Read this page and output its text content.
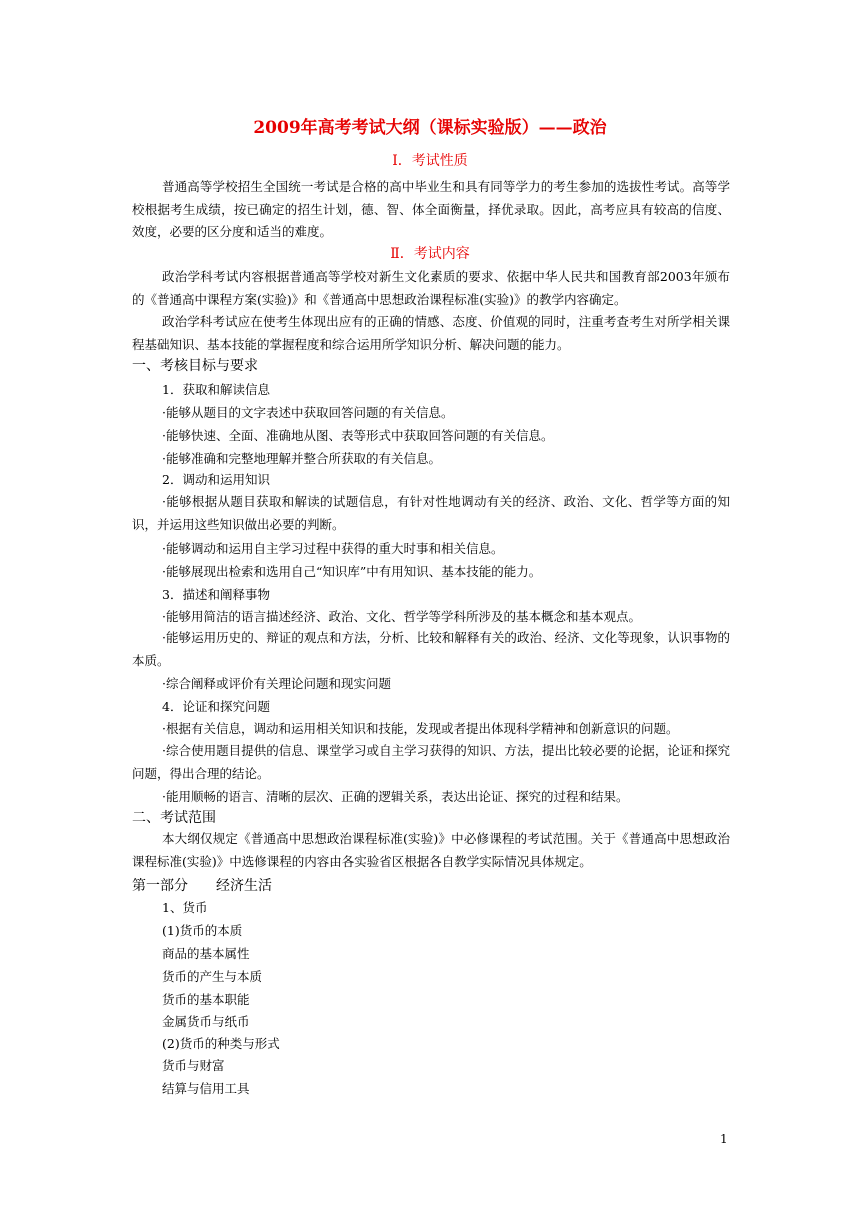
2009年高考考试大纲（课标实验版）——政治
Ⅰ．考试性质

普通高等学校招生全国统一考试是合格的高中毕业生和具有同等学力的考生参加的选拔性考试。高等学校根据考生成绩，按已确定的招生计划，德、智、体全面衡量，择优录取。因此，高考应具有较高的信度、效度，必要的区分度和适当的难度。

Ⅱ．考试内容

政治学科考试内容根据普通高等学校对新生文化素质的要求、依据中华人民共和国教育部2003年颁布的《普通高中课程方案(实验)》和《普通高中思想政治课程标准(实验)》的教学内容确定。

政治学科考试应在使考生体现出应有的正确的情感、态度、价值观的同时，注重考查考生对所学相关课程基础知识、基本技能的掌握程度和综合运用所学知识分析、解决问题的能力。

一、考核目标与要求
1．获取和解读信息
·能够从题目的文字表述中获取回答问题的有关信息。
·能够快速、全面、准确地从图、表等形式中获取回答问题的有关信息。
·能够准确和完整地理解并整合所获取的有关信息。
2．调动和运用知识

·能够根据从题目获取和解读的试题信息，有针对性地调动有关的经济、政治、文化、哲学等方面的知识，并运用这些知识做出必要的判断。

·能够调动和运用自主学习过程中获得的重大时事和相关信息。
·能够展现出检索和选用自己“知识库”中有用知识、基本技能的能力。
3．描述和阐释事物
·能够用简洁的语言描述经济、政治、文化、哲学等学科所涉及的基本概念和基本观点。

·能够运用历史的、辩证的观点和方法，分析、比较和解释有关的政治、经济、文化等现象，认识事物的本质。

·综合阐释或评价有关理论问题和现实问题
4．论证和探究问题
·根据有关信息，调动和运用相关知识和技能，发现或者提出体现科学精神和创新意识的问题。

·综合使用题目提供的信息、课堂学习或自主学习获得的知识、方法，提出比较必要的论据，论证和探究问题，得出合理的结论。

·能用顺畅的语言、清晰的层次、正确的逻辑关系，表达出论证、探究的过程和结果。
二、考试范围

本大纲仅规定《普通高中思想政治课程标准(实验)》中必修课程的考试范围。关于《普通高中思想政治课程标准(实验)》中选修课程的内容由各实验省区根据各自教学实际情况具体规定。

第一部分 经济生活
1、货币
(1)货币的本质
商品的基本属性
货币的产生与本质
货币的基本职能
金属货币与纸币
(2)货币的种类与形式
货币与财富
结算与信用工具
1
